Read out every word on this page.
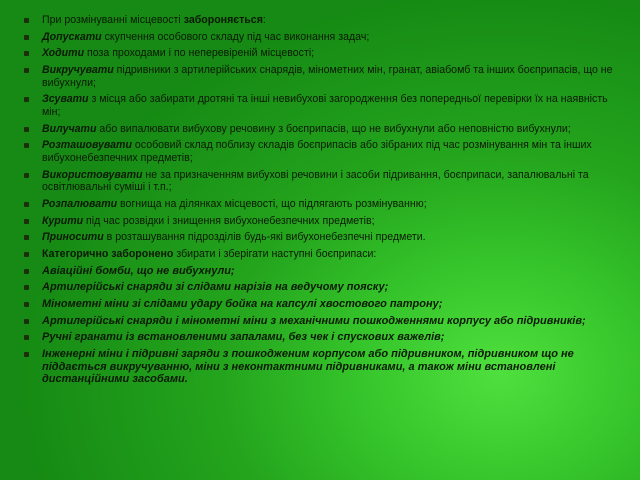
При розмінуванні місцевості забороняється:
Допускати скупчення особового складу під час виконання задач;
Ходити поза проходами і по неперевіреній місцевості;
Викручувати підривники з артилерійських снарядів, мінометних мін, гранат, авіабомб та інших боєприпасів, що не вибухнули;
Зсувати з місця або забирати дротяні та інші невибухові загородження без попередньої перевірки їх на наявність мін;
Вилучати або випалювати вибухову речовину з боєприпасів, що не вибухнули або неповністю вибухнули;
Розташовувати особовий склад поблизу складів боєприпасів або зібраних під час розмінування мін та інших вибухонебезпечних предметів;
Використовувати не за призначенням вибухові речовини і засоби підривання, боєприпаси, запалювальні та освітлювальні суміші і т.п.;
Розпалювати вогнища на ділянках місцевості, що підлягають розмінуванню;
Курити під час розвідки і знищення вибухонебезпечних предметів;
Приносити в розташування підрозділів будь-які вибухонебезпечні предмети.
Категорично заборонено збирати і зберігати наступні боєприпаси:
Авіаційні бомби, що не вибухнули;
Артилерійські снаряди зі слідами нарізів на ведучому пояску;
Мінометні міни зі слідами удару бойка на капсулі хвостового патрону;
Артилерійські снаряди і мінометні міни з механічними пошкодженнями корпусу або підривників;
Ручні гранати із встановленими запалами, без чек і спускових важелів;
Інженерні міни і підривні заряди з пошкодженим корпусом або підривником, підривником що не піддається викручуванню, міни з неконтактними підривниками, а також міни встановлені дистанційними засобами.
